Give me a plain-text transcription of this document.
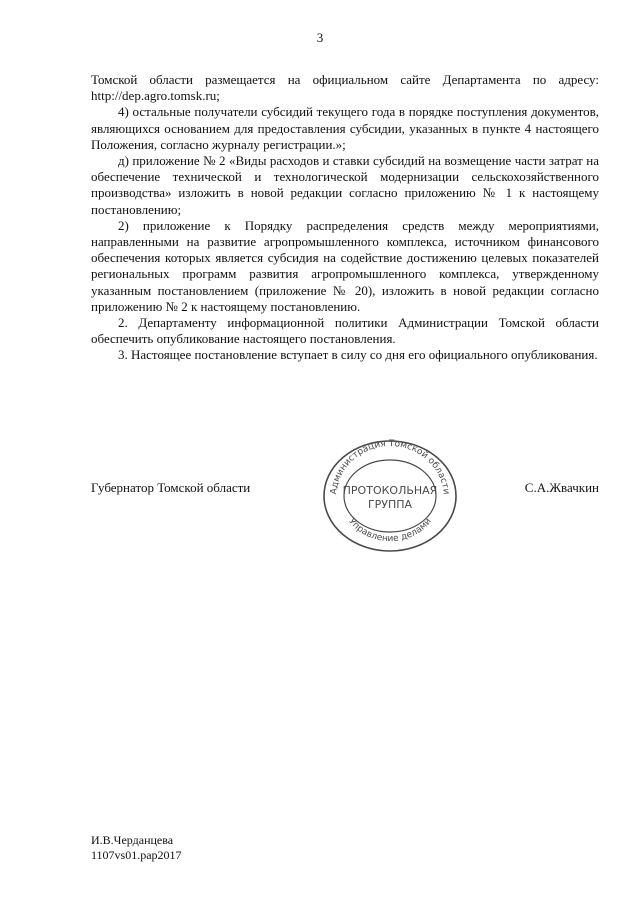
3

Томской области размещается на официальном сайте Департамента по адресу: http://dep.agro.tomsk.ru;

4) остальные получатели субсидий текущего года в порядке поступления документов, являющихся основанием для предоставления субсидии, указанных в пункте 4 настоящего Положения, согласно журналу регистрации.»;

д) приложение № 2 «Виды расходов и ставки субсидий на возмещение части затрат на обеспечение технической и технологической модернизации сельскохозяйственного производства» изложить в новой редакции согласно приложению № 1 к настоящему постановлению;

2) приложение к Порядку распределения средств между мероприятиями, направленными на развитие агропромышленного комплекса, источником финансового обеспечения которых является субсидия на содействие достижению целевых показателей региональных программ развития агропромышленного комплекса, утвержденному указанным постановлением (приложение № 20), изложить в новой редакции согласно приложению № 2 к настоящему постановлению.

2. Департаменту информационной политики Администрации Томской области обеспечить опубликование настоящего постановления.

3. Настоящее постановление вступает в силу со дня его официального опубликования.

Губернатор Томской области	С.А.Жвачкин
Администрация Томской области
Управление делами
ПРОТОКОЛЬНАЯ
ГРУППА
И.В.Черданцева
1107vs01.pap2017
